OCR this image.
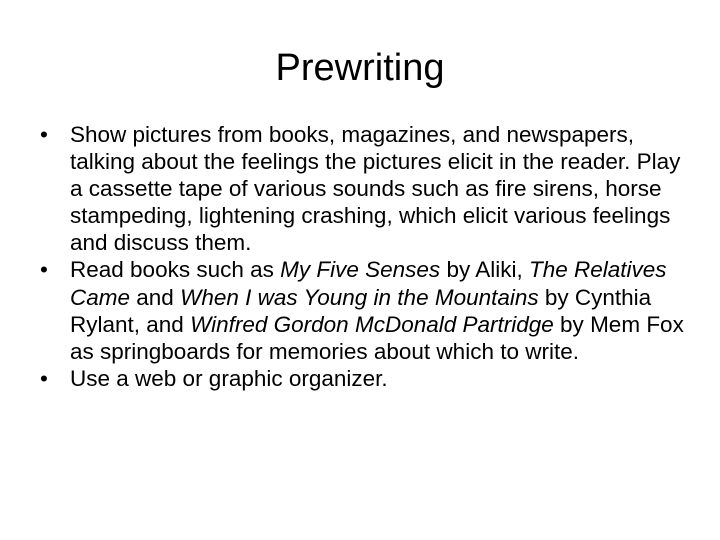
Prewriting
• Show pictures from books, magazines, and newspapers, talking about the feelings the pictures elicit in the reader. Play a cassette tape of various sounds such as fire sirens, horse stampeding, lightening crashing, which elicit various feelings and discuss them.
• Read books such as My Five Senses by Aliki, The Relatives Came and When I was Young in the Mountains by Cynthia Rylant, and Winfred Gordon McDonald Partridge by Mem Fox as springboards for memories about which to write.
• Use a web or graphic organizer.
